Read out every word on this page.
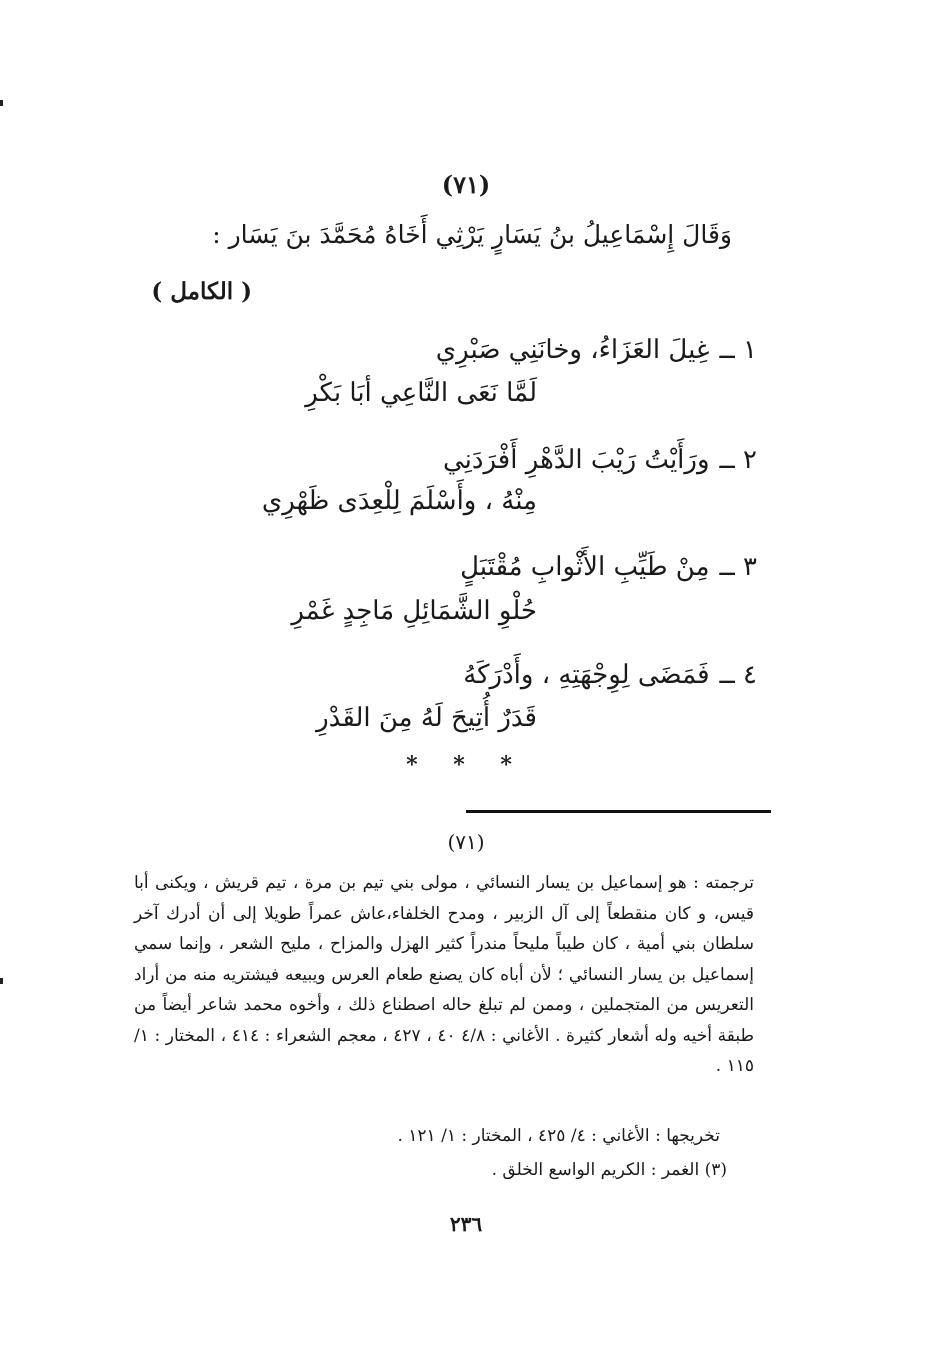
(٧١)
وَقَالَ إِسْمَاعِيلُ بنُ يَسَارٍ يَرْثِي أَخَاهُ مُحَمَّدَ بنَ يَسَار :
( الكامل )
١ ــغِيلَ العَزَاءُ، وخانَنِي صَبْرِي
لَمَّا نَعَى النَّاعِي أبَا بَكْرِ
٢ ــورَأَيْتُ رَيْبَ الدَّهْرِ أَفْرَدَنِي
مِنْهُ ، وأَسْلَمَ لِلْعِدَى ظَهْرِي
٣ ــمِنْ طَيِّبِ الأَثْوابِ مُقْتَبَلٍ
حُلْوِ الشَّمَائِلِ مَاجِدٍ غَمْرِ
٤ ــفَمَضَى لِوِجْهَتِهِ ، وأَدْرَكَهُ
قَدَرٌ أُتِيحَ لَهُ مِنَ القَدْرِ
* * *
(٧١)
ترجمته : هو إسماعيل بن يسار النسائي ، مولى بني تيم بن مرة ، تيم قريش ، ويكنى أبا قيس، و كان منقطعاً إلى آل الزبير ، ومدح الخلفاء،عاش عمراً طويلا إلى أن أدرك آخر سلطان بني أمية ، كان طيباً مليحاً مندراً كثير الهزل والمزاح ، مليح الشعر ، وإنما سمي إسماعيل بن يسار النسائي ؛ لأن أباه كان يصنع طعام العرس ويبيعه فيشتريه منه من أراد التعريس من المتجملين ، وممن لم تبلغ حاله اصطناع ذلك ، وأخوه محمد شاعر أيضاً من طبقة أخيه وله أشعار كثيرة . الأغاني : ٤/٨ ٤٠ ، ٤٢٧ ، معجم الشعراء : ٤١٤ ، المختار : ١/ ١١٥ .
تخريجها : الأغاني : ٤/ ٤٢٥ ، المختار : ١/ ١٢١ .
(٣) الغمر : الكريم الواسع الخلق .
٢٣٦
